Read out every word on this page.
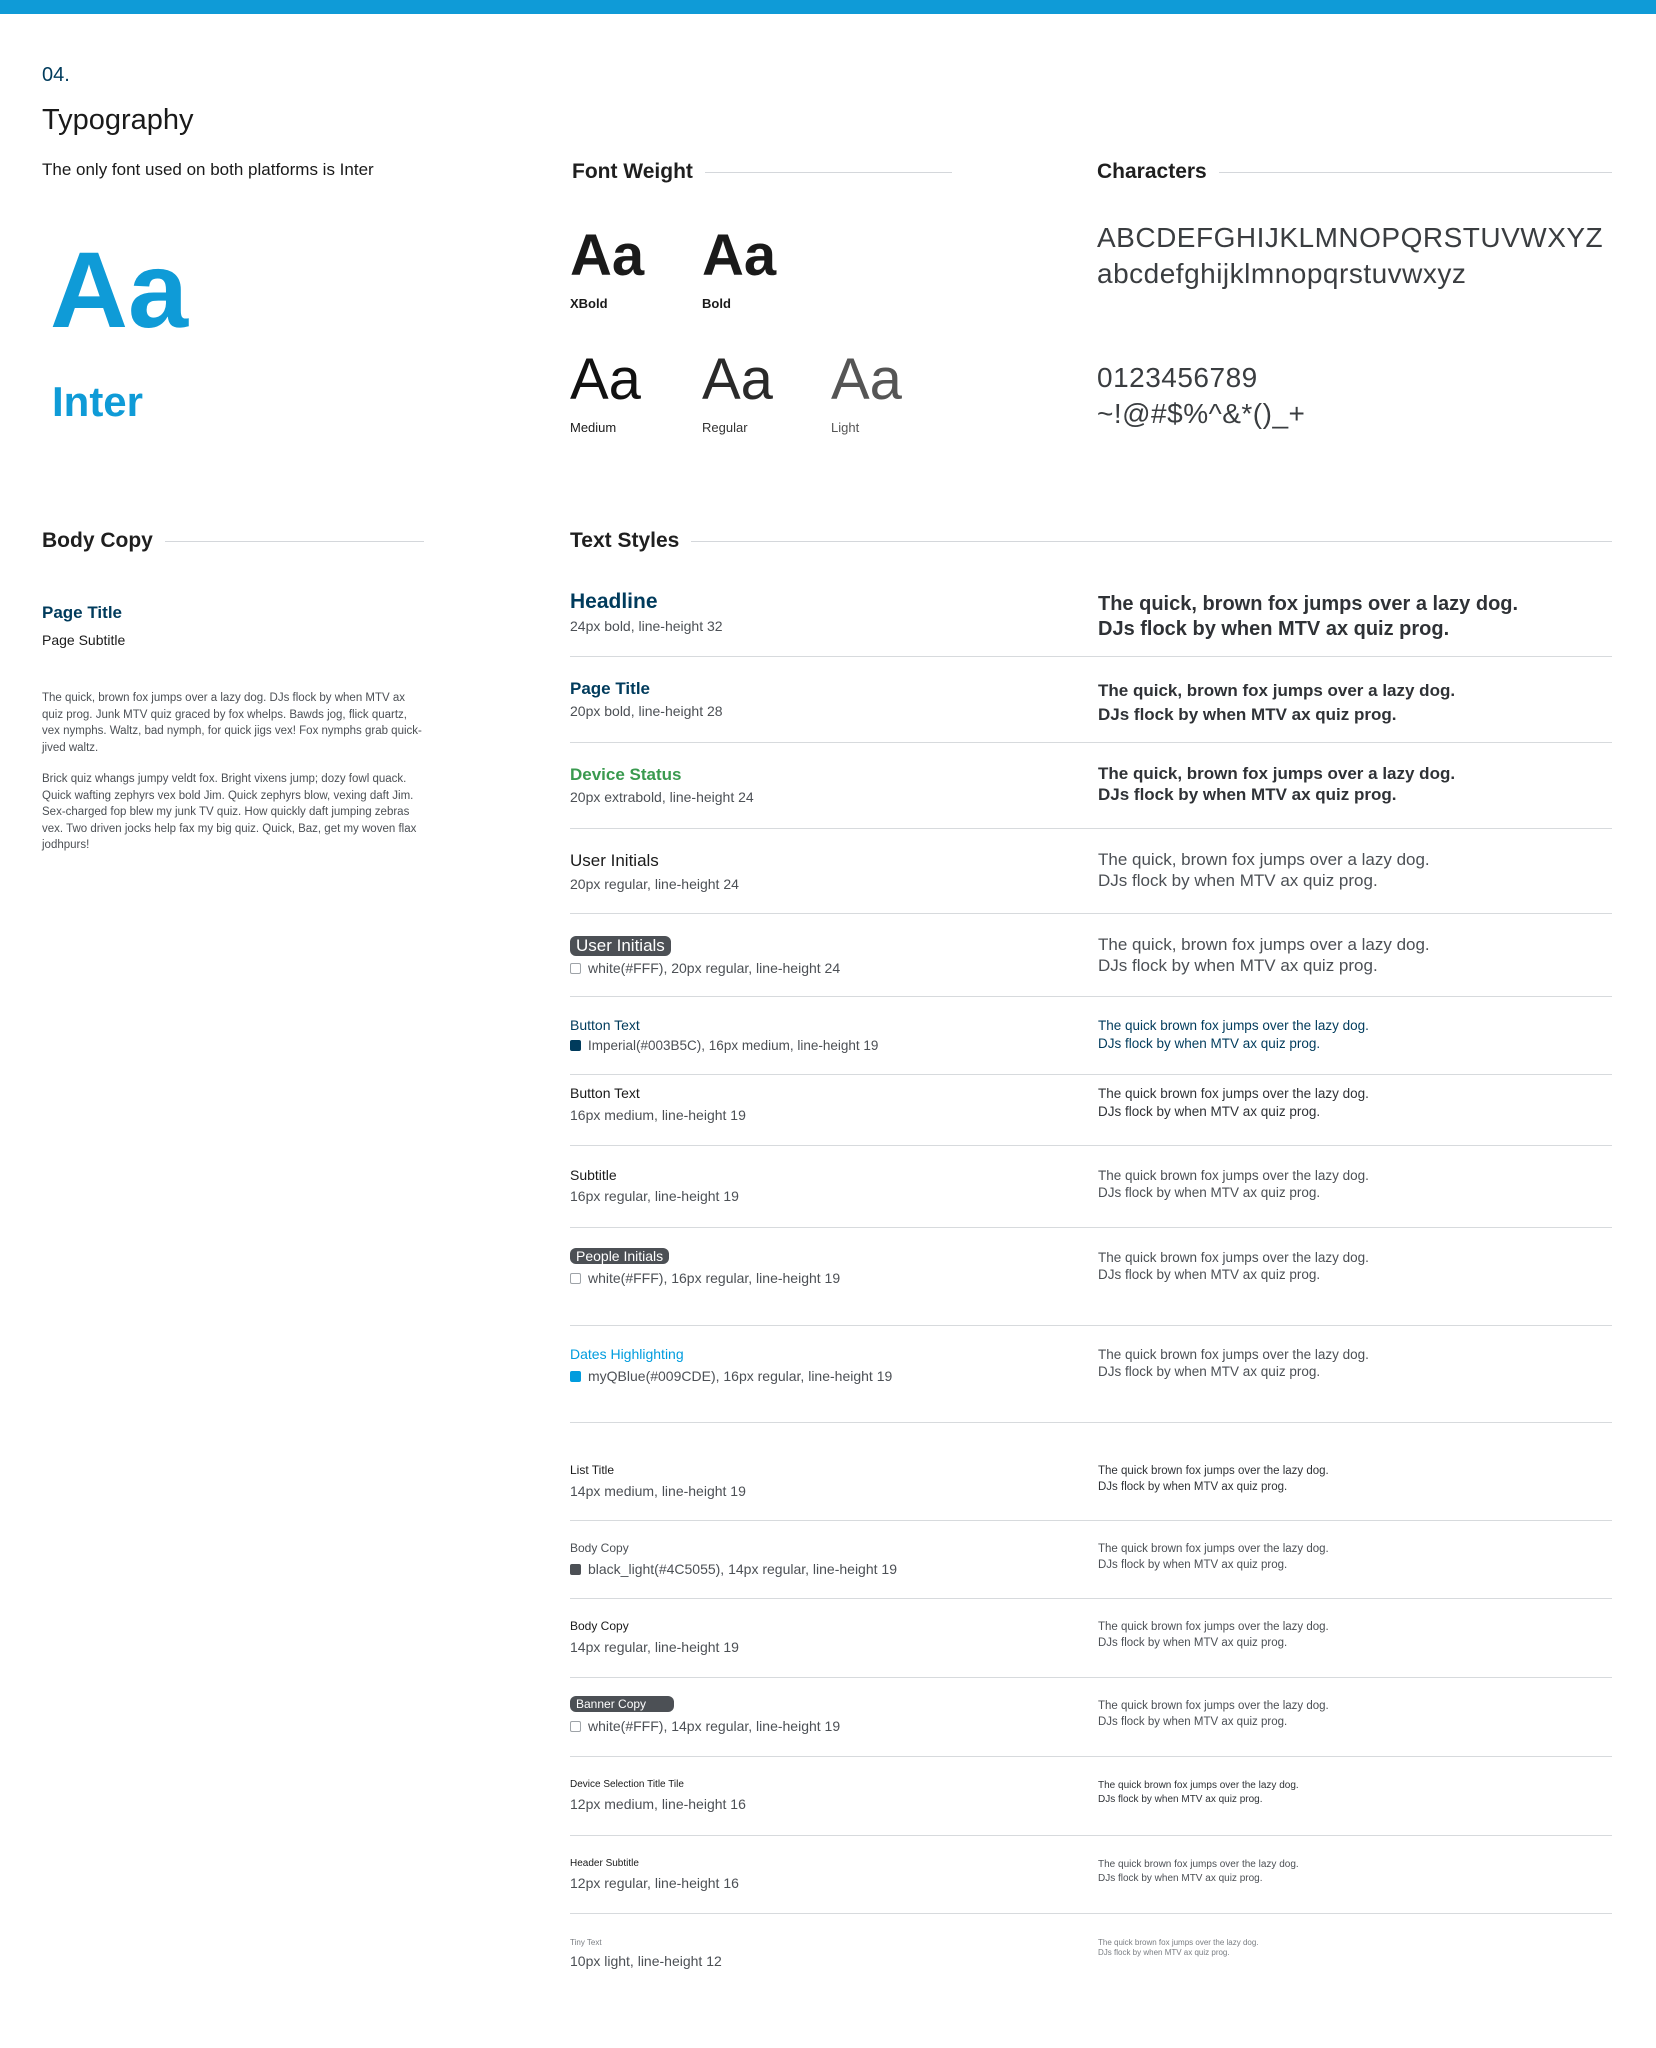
04.
Typography
The only font used on both platforms is Inter
Aa
Inter
Font Weight
Aa
XBold
Aa
Bold
Aa
Medium
Aa
Regular
Aa
Light
Characters
ABCDEFGHIJKLMNOPQRSTUVWXYZ
abcdefghijklmnopqrstuvwxyz
0123456789
~!@#$%^&*()_+
Body Copy
Page Title
Page Subtitle
The quick, brown fox jumps over a lazy dog. DJs flock by when MTV ax quiz prog. Junk MTV quiz graced by fox whelps. Bawds jog, flick quartz, vex nymphs. Waltz, bad nymph, for quick jigs vex! Fox nymphs grab quick-jived waltz.
Brick quiz whangs jumpy veldt fox. Bright vixens jump; dozy fowl quack. Quick wafting zephyrs vex bold Jim. Quick zephyrs blow, vexing daft Jim. Sex-charged fop blew my junk TV quiz. How quickly daft jumping zebras vex. Two driven jocks help fax my big quiz. Quick, Baz, get my woven flax jodhpurs!
Text Styles
Headline
24px bold, line-height 32
The quick, brown fox jumps over a lazy dog.
DJs flock by when MTV ax quiz prog.
Page Title
20px bold, line-height 28
The quick, brown fox jumps over a lazy dog.
DJs flock by when MTV ax quiz prog.
Device Status
20px extrabold, line-height 24
The quick, brown fox jumps over a lazy dog.
DJs flock by when MTV ax quiz prog.
User Initials
20px regular, line-height 24
The quick, brown fox jumps over a lazy dog.
DJs flock by when MTV ax quiz prog.
User Initials
white(#FFF), 20px regular, line-height 24
The quick, brown fox jumps over a lazy dog.
DJs flock by when MTV ax quiz prog.
Button Text
Imperial(#003B5C), 16px medium, line-height 19
The quick brown fox jumps over the lazy dog.
DJs flock by when MTV ax quiz prog.
Button Text
16px medium, line-height 19
The quick brown fox jumps over the lazy dog.
DJs flock by when MTV ax quiz prog.
Subtitle
16px regular, line-height 19
The quick brown fox jumps over the lazy dog.
DJs flock by when MTV ax quiz prog.
People Initials
white(#FFF), 16px regular, line-height 19
The quick brown fox jumps over the lazy dog.
DJs flock by when MTV ax quiz prog.
Dates Highlighting
myQBlue(#009CDE), 16px regular, line-height 19
The quick brown fox jumps over the lazy dog.
DJs flock by when MTV ax quiz prog.
List Title
14px medium, line-height 19
The quick brown fox jumps over the lazy dog.
DJs flock by when MTV ax quiz prog.
Body Copy
black_light(#4C5055), 14px regular, line-height 19
The quick brown fox jumps over the lazy dog.
DJs flock by when MTV ax quiz prog.
Body Copy
14px regular, line-height 19
The quick brown fox jumps over the lazy dog.
DJs flock by when MTV ax quiz prog.
Banner Copy
white(#FFF), 14px regular, line-height 19
The quick brown fox jumps over the lazy dog.
DJs flock by when MTV ax quiz prog.
Device Selection Title Tile
12px medium, line-height 16
The quick brown fox jumps over the lazy dog.
DJs flock by when MTV ax quiz prog.
Header Subtitle
12px regular, line-height 16
The quick brown fox jumps over the lazy dog.
DJs flock by when MTV ax quiz prog.
Tiny Text
10px light, line-height 12
The quick brown fox jumps over the lazy dog.
DJs flock by when MTV ax quiz prog.
